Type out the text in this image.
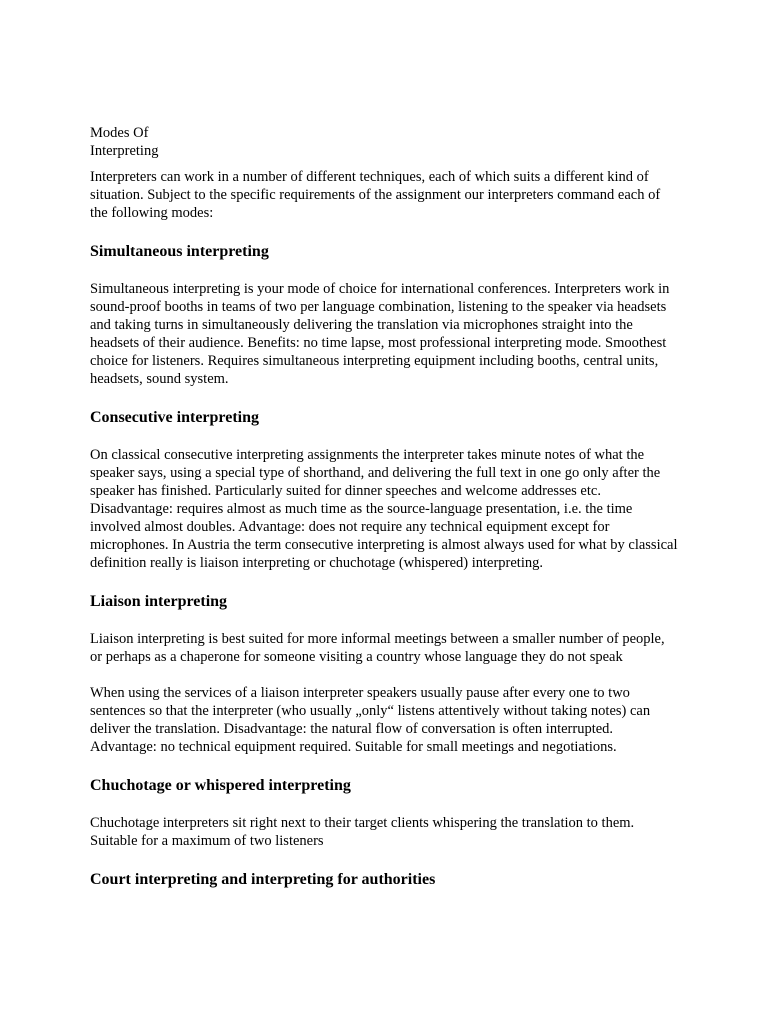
Modes Of

Interpreting

Interpreters can work in a number of different techniques, each of which suits a different kind of situation. Subject to the specific requirements of the assignment our interpreters command each of the following modes:

Simultaneous interpreting

Simultaneous interpreting is your mode of choice for international conferences. Interpreters work in sound-proof booths in teams of two per language combination, listening to the speaker via headsets and taking turns in simultaneously delivering the translation via microphones straight into the headsets of their audience. Benefits: no time lapse, most professional interpreting mode. Smoothest choice for listeners. Requires simultaneous interpreting equipment including booths, central units, headsets, sound system.

Consecutive interpreting

On classical consecutive interpreting assignments the interpreter takes minute notes of what the speaker says, using a special type of shorthand, and delivering the full text in one go only after the speaker has finished. Particularly suited for dinner speeches and welcome addresses etc. Disadvantage: requires almost as much time as the source-language presentation, i.e. the time involved almost doubles. Advantage: does not require any technical equipment except for microphones. In Austria the term consecutive interpreting is almost always used for what by classical definition really is liaison interpreting or chuchotage (whispered) interpreting.

Liaison interpreting

Liaison interpreting is best suited for more informal meetings between a smaller number of people, or perhaps as a chaperone for someone visiting a country whose language they do not speak

When using the services of a liaison interpreter speakers usually pause after every one to two sentences so that the interpreter (who usually „only“ listens attentively without taking notes) can deliver the translation. Disadvantage: the natural flow of conversation is often interrupted. Advantage: no technical equipment required. Suitable for small meetings and negotiations.

Chuchotage or whispered interpreting

Chuchotage interpreters sit right next to their target clients whispering the translation to them. Suitable for a maximum of two listeners

Court interpreting and interpreting for authorities
